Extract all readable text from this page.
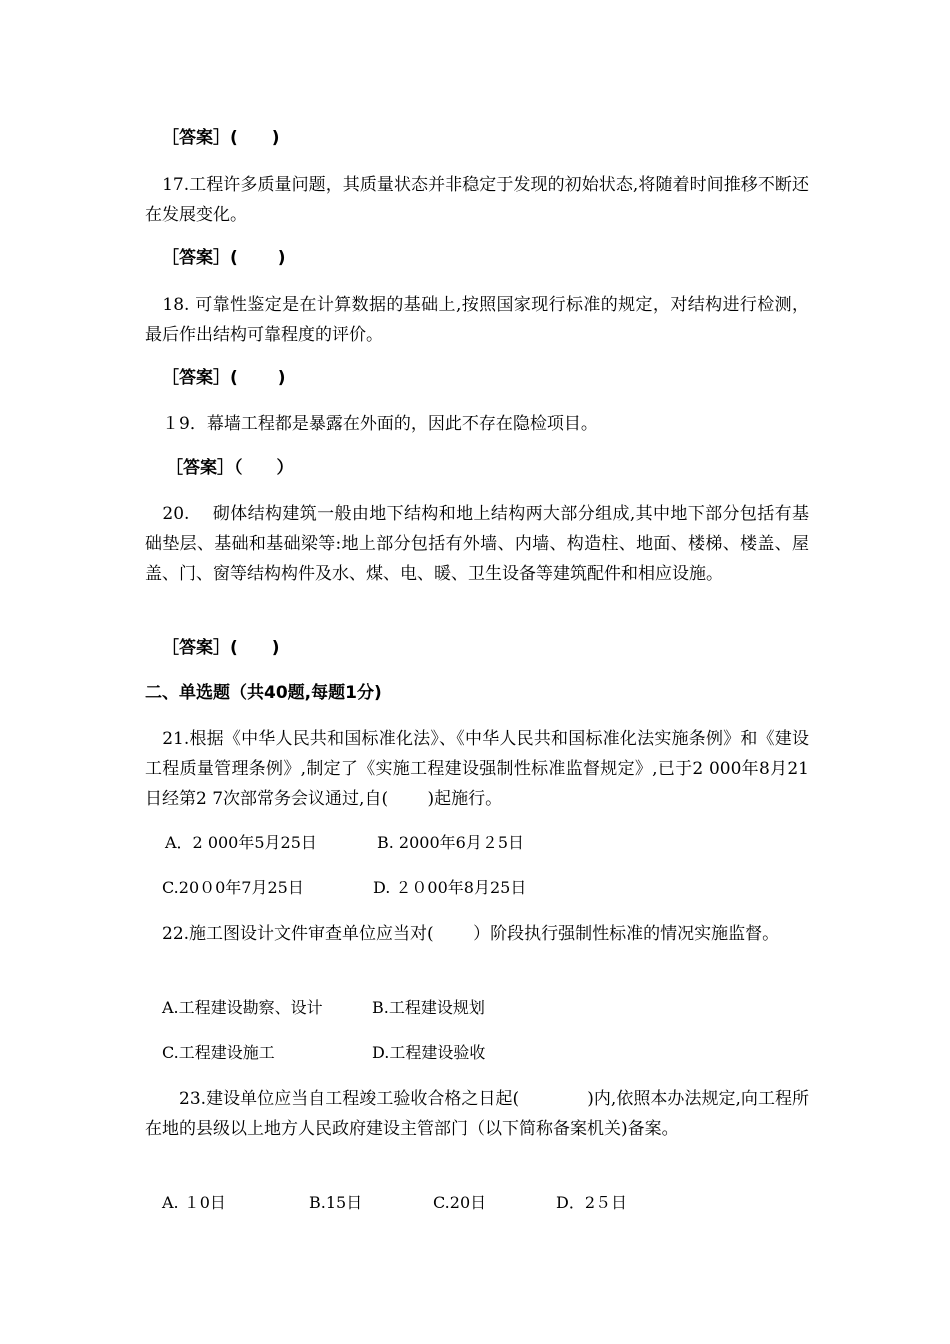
［答案］(　　)
　17.工程许多质量问题，其质量状态并非稳定于发现的初始状态,将随着时间推移不断还在发展变化。
［答案］(　　 )
　18. 可靠性鉴定是在计算数据的基础上,按照国家现行标准的规定，对结构进行检测，最后作出结构可靠程度的评价。
［答案］(　　 )
　１9．幕墙工程都是暴露在外面的，因此不存在隐检项目。
［答案］（　　）
　20.　 砌体结构建筑一般由地下结构和地上结构两大部分组成,其中地下部分包括有基础垫层、基础和基础梁等:地上部分包括有外墙、内墙、构造柱、地面、楼梯、楼盖、屋盖、门、窗等结构构件及水、煤、电、暖、卫生设备等建筑配件和相应设施。
［答案］(　　)
二、单选题（共40题,每题1分)
　21.根据《中华人民共和国标准化法》、《中华人民共和国标准化法实施条例》和《建设工程质量管理条例》,制定了《实施工程建设强制性标准监督规定》,已于2 000年8月21日经第2 7次部常务会议通过,自(　　 )起施行。
A．2 000年5月25日	B. 2000年6月２5日
C.20０0年7月25日	D. ２０00年8月25日
　22.施工图设计文件审查单位应当对(　　 ）阶段执行强制性标准的情况实施监督。
A.工程建设勘察、设计	B.工程建设规划
C.工程建设施工	D.工程建设验收
　　23.建设单位应当自工程竣工验收合格之日起(　　　　)内,依照本办法规定,向工程所在地的县级以上地方人民政府建设主管部门（以下简称备案机关)备案。
A. １0日	B.15日	C.20日	D．2５日
